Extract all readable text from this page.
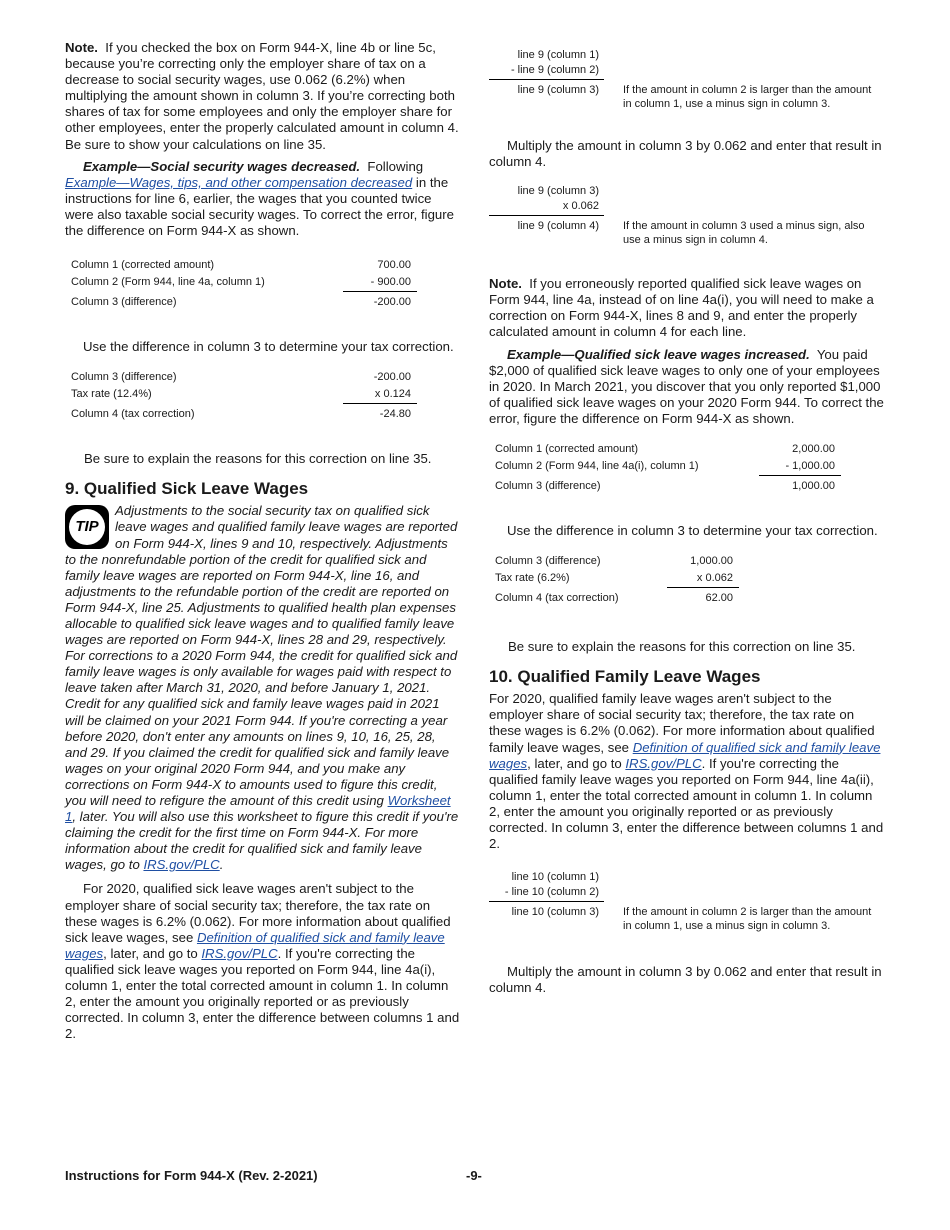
Note. If you checked the box on Form 944-X, line 4b or line 5c, because you’re correcting only the employer share of tax on a decrease to social security wages, use 0.062 (6.2%) when multiplying the amount shown in column 3. If you’re correcting both shares of tax for some employees and only the employer share for other employees, enter the properly calculated amount in column 4. Be sure to show your calculations on line 35.

Example—Social security wages decreased. Following Example—Wages, tips, and other compensation decreased in the instructions for line 6, earlier, the wages that you counted twice were also taxable social security wages. To correct the error, figure the difference on Form 944-X as shown.

Column 1 (corrected amount)	700.00
Column 2 (Form 944, line 4a, column 1)	- 900.00
Column 3 (difference)	-200.00

Use the difference in column 3 to determine your tax correction.

Column 3 (difference)	-200.00
Tax rate (12.4%)	x 0.124
Column 4 (tax correction)	-24.80

Be sure to explain the reasons for this correction on line 35.

9. Qualified Sick Leave Wages
TIP
Adjustments to the social security tax on qualified sick leave wages and qualified family leave wages are reported on Form 944-X, lines 9 and 10, respectively. Adjustments to the nonrefundable portion of the credit for qualified sick and family leave wages are reported on Form 944-X, line 16, and adjustments to the refundable portion of the credit are reported on Form 944-X, line 25. Adjustments to qualified health plan expenses allocable to qualified sick leave wages and to qualified family leave wages are reported on Form 944-X, lines 28 and 29, respectively. For corrections to a 2020 Form 944, the credit for qualified sick and family leave wages is only available for wages paid with respect to leave taken after March 31, 2020, and before January 1, 2021. Credit for any qualified sick and family leave wages paid in 2021 will be claimed on your 2021 Form 944. If you're correcting a year before 2020, don't enter any amounts on lines 9, 10, 16, 25, 28, and 29. If you claimed the credit for qualified sick and family leave wages on your original 2020 Form 944, and you make any corrections on Form 944-X to amounts used to figure this credit, you will need to refigure the amount of this credit using Worksheet 1, later. You will also use this worksheet to figure this credit if you're claiming the credit for the first time on Form 944-X. For more information about the credit for qualified sick and family leave wages, go to IRS.gov/PLC.

For 2020, qualified sick leave wages aren't subject to the employer share of social security tax; therefore, the tax rate on these wages is 6.2% (0.062). For more information about qualified sick leave wages, see Definition of qualified sick and family leave wages, later, and go to IRS.gov/PLC. If you're correcting the qualified sick leave wages you reported on Form 944, line 4a(i), column 1, enter the total corrected amount in column 1. In column 2, enter the amount you originally reported or as previously corrected. In column 3, enter the difference between columns 1 and 2.

line 9 (column 1)
- line 9 (column 2)
line 9 (column 3) If the amount in column 2 is larger than the amount in column 1, use a minus sign in column 3.

Multiply the amount in column 3 by 0.062 and enter that result in column 4.

line 9 (column 3)
x 0.062
line 9 (column 4) If the amount in column 3 used a minus sign, also use a minus sign in column 4.

Note. If you erroneously reported qualified sick leave wages on Form 944, line 4a, instead of on line 4a(i), you will need to make a correction on Form 944-X, lines 8 and 9, and enter the properly calculated amount in column 4 for each line.

Example—Qualified sick leave wages increased. You paid $2,000 of qualified sick leave wages to only one of your employees in 2020. In March 2021, you discover that you only reported $1,000 of qualified sick leave wages on your 2020 Form 944. To correct the error, figure the difference on Form 944-X as shown.

Column 1 (corrected amount)	2,000.00
Column 2 (Form 944, line 4a(i), column 1)	- 1,000.00
Column 3 (difference)	1,000.00

Use the difference in column 3 to determine your tax correction.

Column 3 (difference)	1,000.00
Tax rate (6.2%)	x 0.062
Column 4 (tax correction)	62.00

Be sure to explain the reasons for this correction on line 35.

10. Qualified Family Leave Wages

For 2020, qualified family leave wages aren't subject to the employer share of social security tax; therefore, the tax rate on these wages is 6.2% (0.062). For more information about qualified family leave wages, see Definition of qualified sick and family leave wages, later, and go to IRS.gov/PLC. If you're correcting the qualified family leave wages you reported on Form 944, line 4a(ii), column 1, enter the total corrected amount in column 1. In column 2, enter the amount you originally reported or as previously corrected. In column 3, enter the difference between columns 1 and 2.

line 10 (column 1)
- line 10 (column 2)
line 10 (column 3) If the amount in column 2 is larger than the amount in column 1, use a minus sign in column 3.

Multiply the amount in column 3 by 0.062 and enter that result in column 4.

Instructions for Form 944-X (Rev. 2-2021)	-9-
